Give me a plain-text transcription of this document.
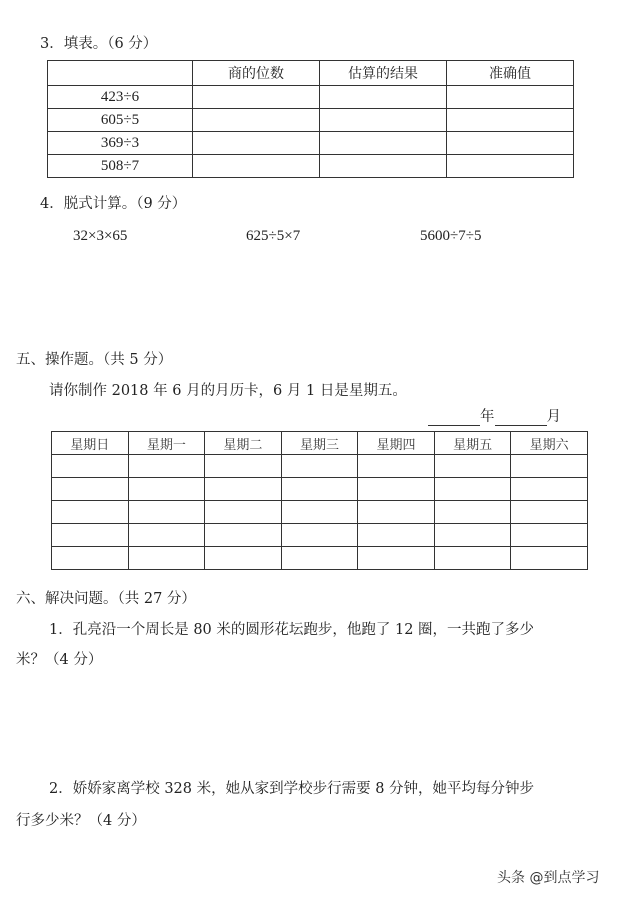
3．填表。（6 分）
	商的位数	估算的结果	准确值
423÷6			
605÷5			
369÷3			
508÷7			
4．脱式计算。（9 分）
32×3×65	625÷5×7	5600÷7÷5
五、操作题。（共 5 分）
请你制作 2018 年 6 月的月历卡，6 月 1 日是星期五。
年	月
星期日	星期一	星期二	星期三	星期四	星期五	星期六

六、解决问题。（共 27 分）
1．孔亮沿一个周长是 80 米的圆形花坛跑步，他跑了 12 圈，一共跑了多少
米？（4 分）
2．娇娇家离学校 328 米，她从家到学校步行需要 8 分钟，她平均每分钟步
行多少米？（4 分）
头条 @到点学习
